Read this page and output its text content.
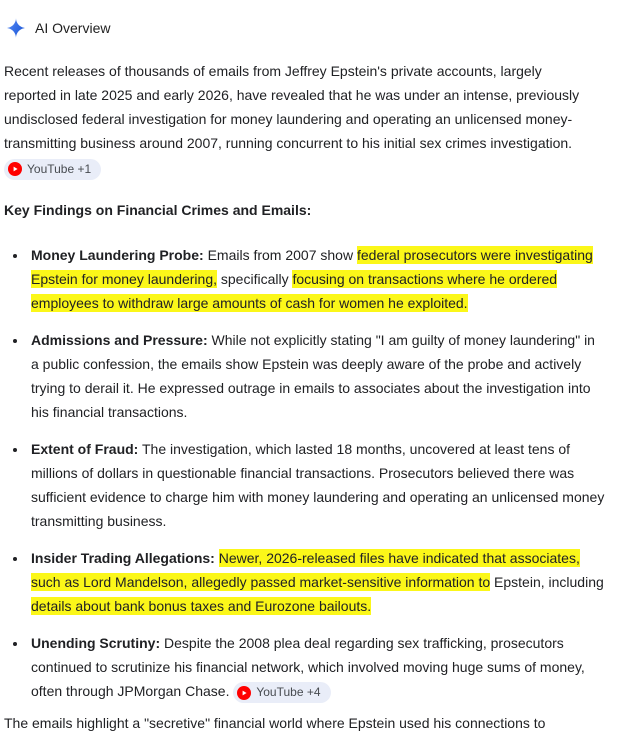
AI Overview

Recent releases of thousands of emails from Jeffrey Epstein's private accounts, largely reported in late 2025 and early 2026, have revealed that he was under an intense, previously undisclosed federal investigation for money laundering and operating an unlicensed money-transmitting business around 2007, running concurrent to his initial sex crimes investigation.
YouTube +1

Key Findings on Financial Crimes and Emails:

• Money Laundering Probe: Emails from 2007 show federal prosecutors were investigating Epstein for money laundering, specifically focusing on transactions where he ordered employees to withdraw large amounts of cash for women he exploited.
• Admissions and Pressure: While not explicitly stating "I am guilty of money laundering" in a public confession, the emails show Epstein was deeply aware of the probe and actively trying to derail it. He expressed outrage in emails to associates about the investigation into his financial transactions.
• Extent of Fraud: The investigation, which lasted 18 months, uncovered at least tens of millions of dollars in questionable financial transactions. Prosecutors believed there was sufficient evidence to charge him with money laundering and operating an unlicensed money transmitting business.
• Insider Trading Allegations: Newer, 2026-released files have indicated that associates, such as Lord Mandelson, allegedly passed market-sensitive information to Epstein, including details about bank bonus taxes and Eurozone bailouts.
• Unending Scrutiny: Despite the 2008 plea deal regarding sex trafficking, prosecutors continued to scrutinize his financial network, which involved moving huge sums of money, often through JPMorgan Chase. YouTube +4

The emails highlight a "secretive" financial world where Epstein used his connections to
